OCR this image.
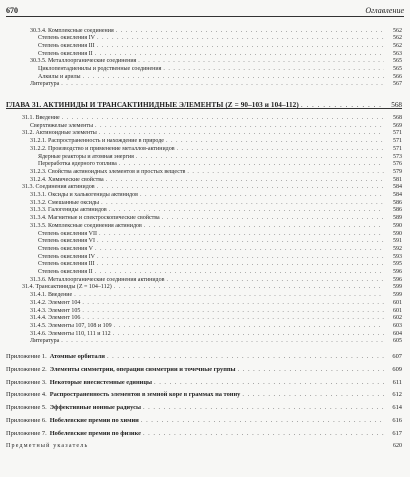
670	Оглавление
30.3.4. Комплексные соединения . . .	562
Степень окисления IV . . .	562
Степень окисления III . . .	562
Степень окисления II . . .	563
30.3.5. Металлоорганические соединения . . .	565
Циклопентадиенилы и родственные соединения . . .	565
Алкилы и арилы . . .	566
Литература . . .	567
ГЛАВА 31. АКТИНИДЫ И ТРАНСАКТИНИДНЫЕ ЭЛЕМЕНТЫ (Z = 90–103 и 104–112) . . .	568
31.1. Введение . . .	568
Сверхтяжелые элементы . . .	569
31.2. Актиноидные элементы . . .	571
31.2.1. Распространенность и нахождение в природе . . .	571
31.2.2. Производство и применение металлов-актинидов . . .	571
Ядерные реакторы и атомная энергия . . .	573
Переработка ядерного топлива . . .	576
31.2.3. Свойства актиноидных элементов и простых веществ . . .	579
31.2.4. Химические свойства . . .	581
31.3. Соединения актинидов . . .	584
31.3.1. Оксиды и халькогениды актинидов . . .	584
31.3.2. Смешанные оксиды . . .	586
31.3.3. Галогениды актинидов . . .	586
31.3.4. Магнитные и спектроскопические свойства . . .	589
31.3.5. Комплексные соединения актинидов . . .	590
Степень окисления VII . . .	590
Степень окисления VI . . .	591
Степень окисления V . . .	592
Степень окисления IV . . .	593
Степень окисления III . . .	595
Степень окисления II . . .	596
31.3.6. Металлоорганические соединения актинидов . . .	596
31.4. Трансактиниды (Z = 104–112) . . .	599
31.4.1. Введение . . .	599
31.4.2. Элемент 104 . . .	601
31.4.3. Элемент 105 . . .	601
31.4.4. Элемент 106 . . .	602
31.4.5. Элементы 107, 108 и 109 . . .	603
31.4.6. Элементы 110, 111 и 112 . . .	604
Литература . . .	605
Приложение 1. Атомные орбитали . . .	607
Приложение 2. Элементы симметрии, операции симметрии и точечные группы . . .	609
Приложение 3. Некоторые внесистемные единицы . . .	611
Приложение 4. Распространенность элементов в земной коре в граммах на тонну . . .	612
Приложение 5. Эффективные ионные радиусы . . .	614
Приложение 6. Нобелевские премии по химии . . .	616
Приложение 7. Нобелевские премии по физике . . .	617
Предметный указатель	620
